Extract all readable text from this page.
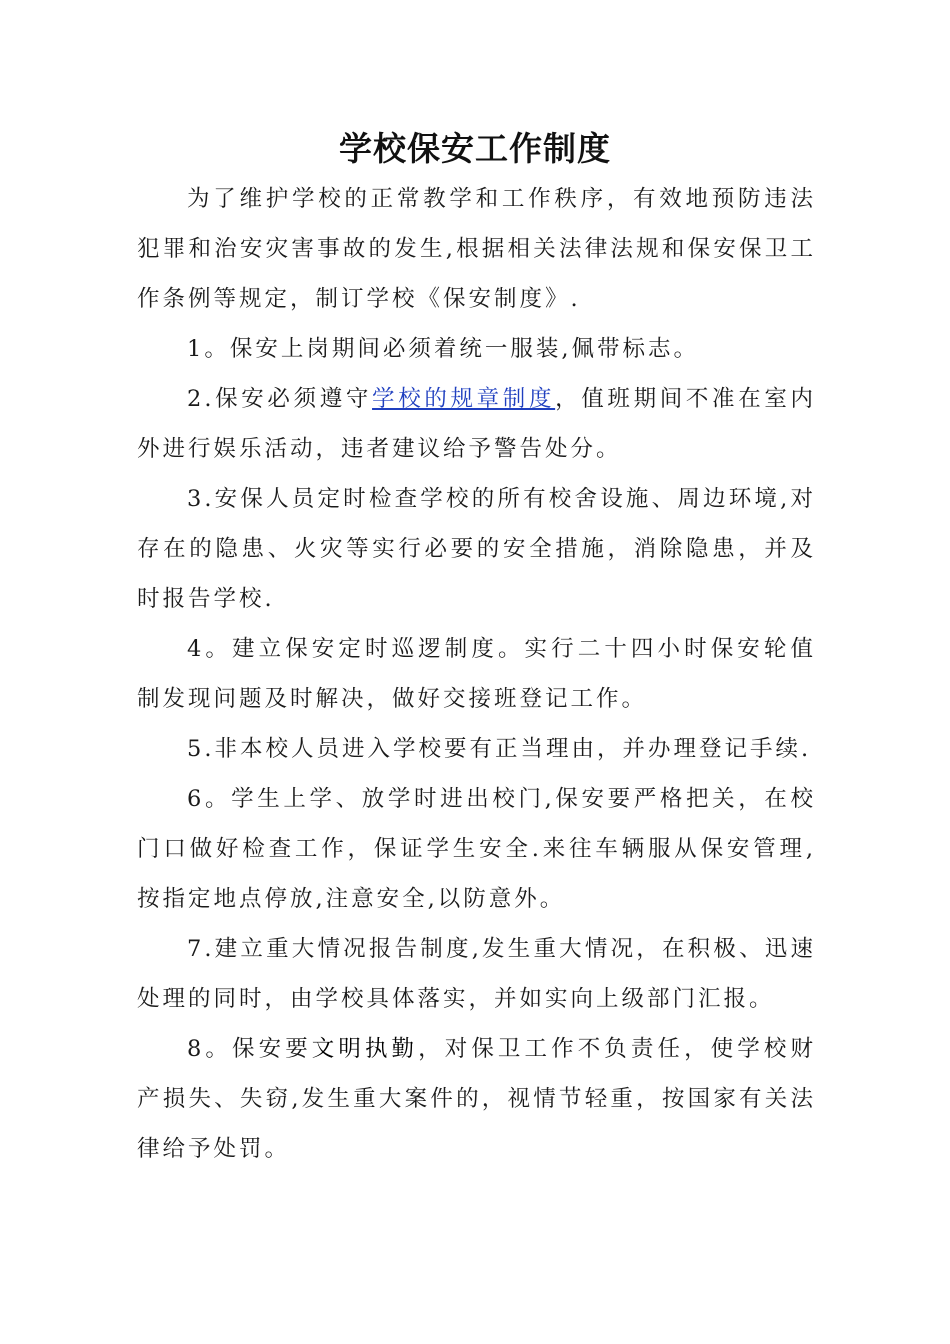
学校保安工作制度

为了维护学校的正常教学和工作秩序，有效地预防违法犯罪和治安灾害事故的发生,根据相关法律法规和保安保卫工作条例等规定，制订学校《保安制度》.

1。保安上岗期间必须着统一服装,佩带标志。

2.保安必须遵守学校的规章制度，值班期间不准在室内外进行娱乐活动，违者建议给予警告处分。

3.安保人员定时检查学校的所有校舍设施、周边环境,对存在的隐患、火灾等实行必要的安全措施，消除隐患，并及时报告学校.

4。建立保安定时巡逻制度。实行二十四小时保安轮值制发现问题及时解决，做好交接班登记工作。

5.非本校人员进入学校要有正当理由，并办理登记手续.

6。学生上学、放学时进出校门,保安要严格把关，在校门口做好检查工作，保证学生安全.来往车辆服从保安管理,按指定地点停放,注意安全,以防意外。

7.建立重大情况报告制度,发生重大情况，在积极、迅速处理的同时，由学校具体落实，并如实向上级部门汇报。

8。保安要文明执勤，对保卫工作不负责任，使学校财产损失、失窃,发生重大案件的，视情节轻重，按国家有关法律给予处罚。
